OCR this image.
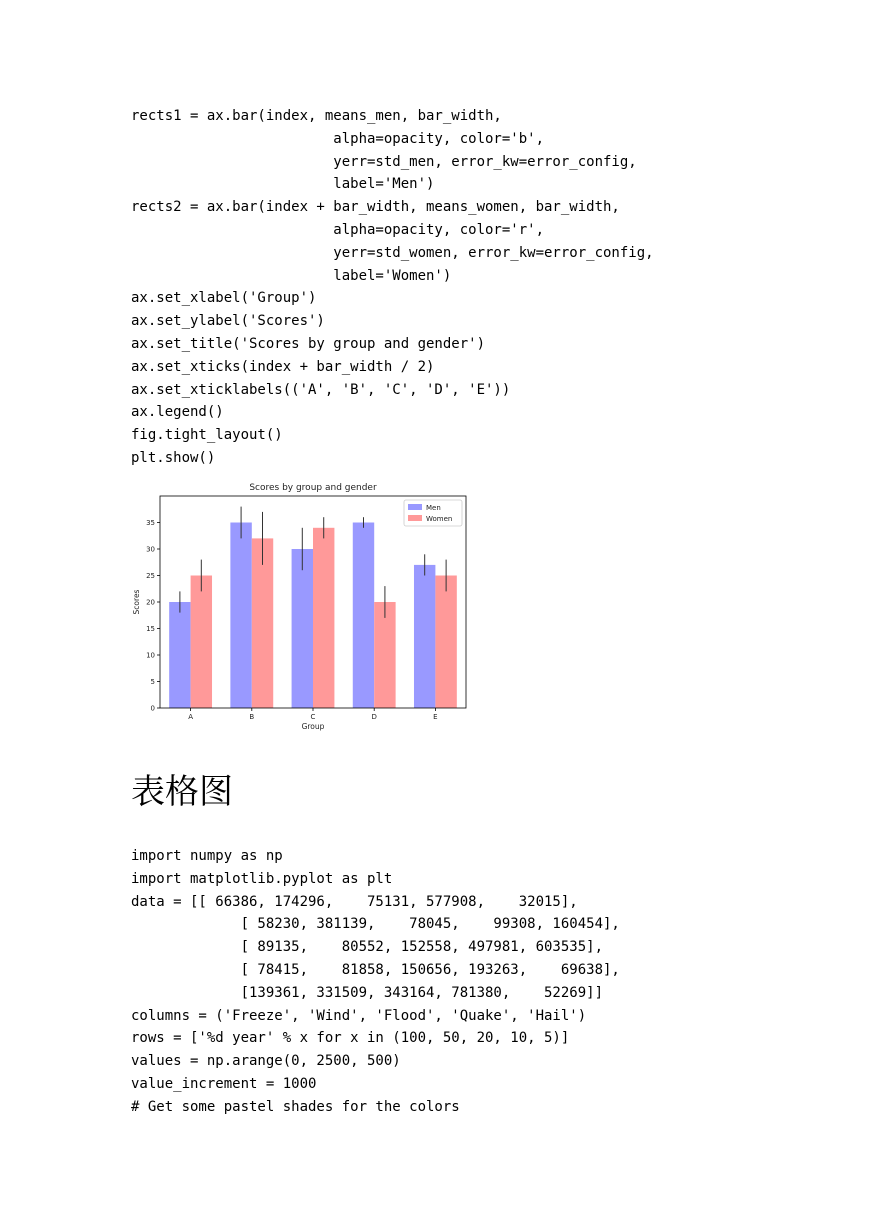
rects1 = ax.bar(index, means_men, bar_width,
alpha=opacity, color='b',
yerr=std_men, error_kw=error_config,
label='Men')
rects2 = ax.bar(index + bar_width, means_women, bar_width,
alpha=opacity, color='r',
yerr=std_women, error_kw=error_config,
label='Women')
ax.set_xlabel('Group')
ax.set_ylabel('Scores')
ax.set_title('Scores by group and gender')
ax.set_xticks(index + bar_width / 2)
ax.set_xticklabels(('A', 'B', 'C', 'D', 'E'))
ax.legend()
fig.tight_layout()
plt.show()
Scores by group and gender
A	B	C	D	E
0
5
10
15
20
25
30
35
Group
Scores
Men
Women
表格图
import numpy as np
import matplotlib.pyplot as plt
data = [[ 66386, 174296,    75131, 577908,    32015],
[ 58230, 381139,    78045,    99308, 160454],
[ 89135,    80552, 152558, 497981, 603535],
[ 78415,    81858, 150656, 193263,    69638],
[139361, 331509, 343164, 781380,    52269]]
columns = ('Freeze', 'Wind', 'Flood', 'Quake', 'Hail')
rows = ['%d year' % x for x in (100, 50, 20, 10, 5)]
values = np.arange(0, 2500, 500)
value_increment = 1000
# Get some pastel shades for the colors
